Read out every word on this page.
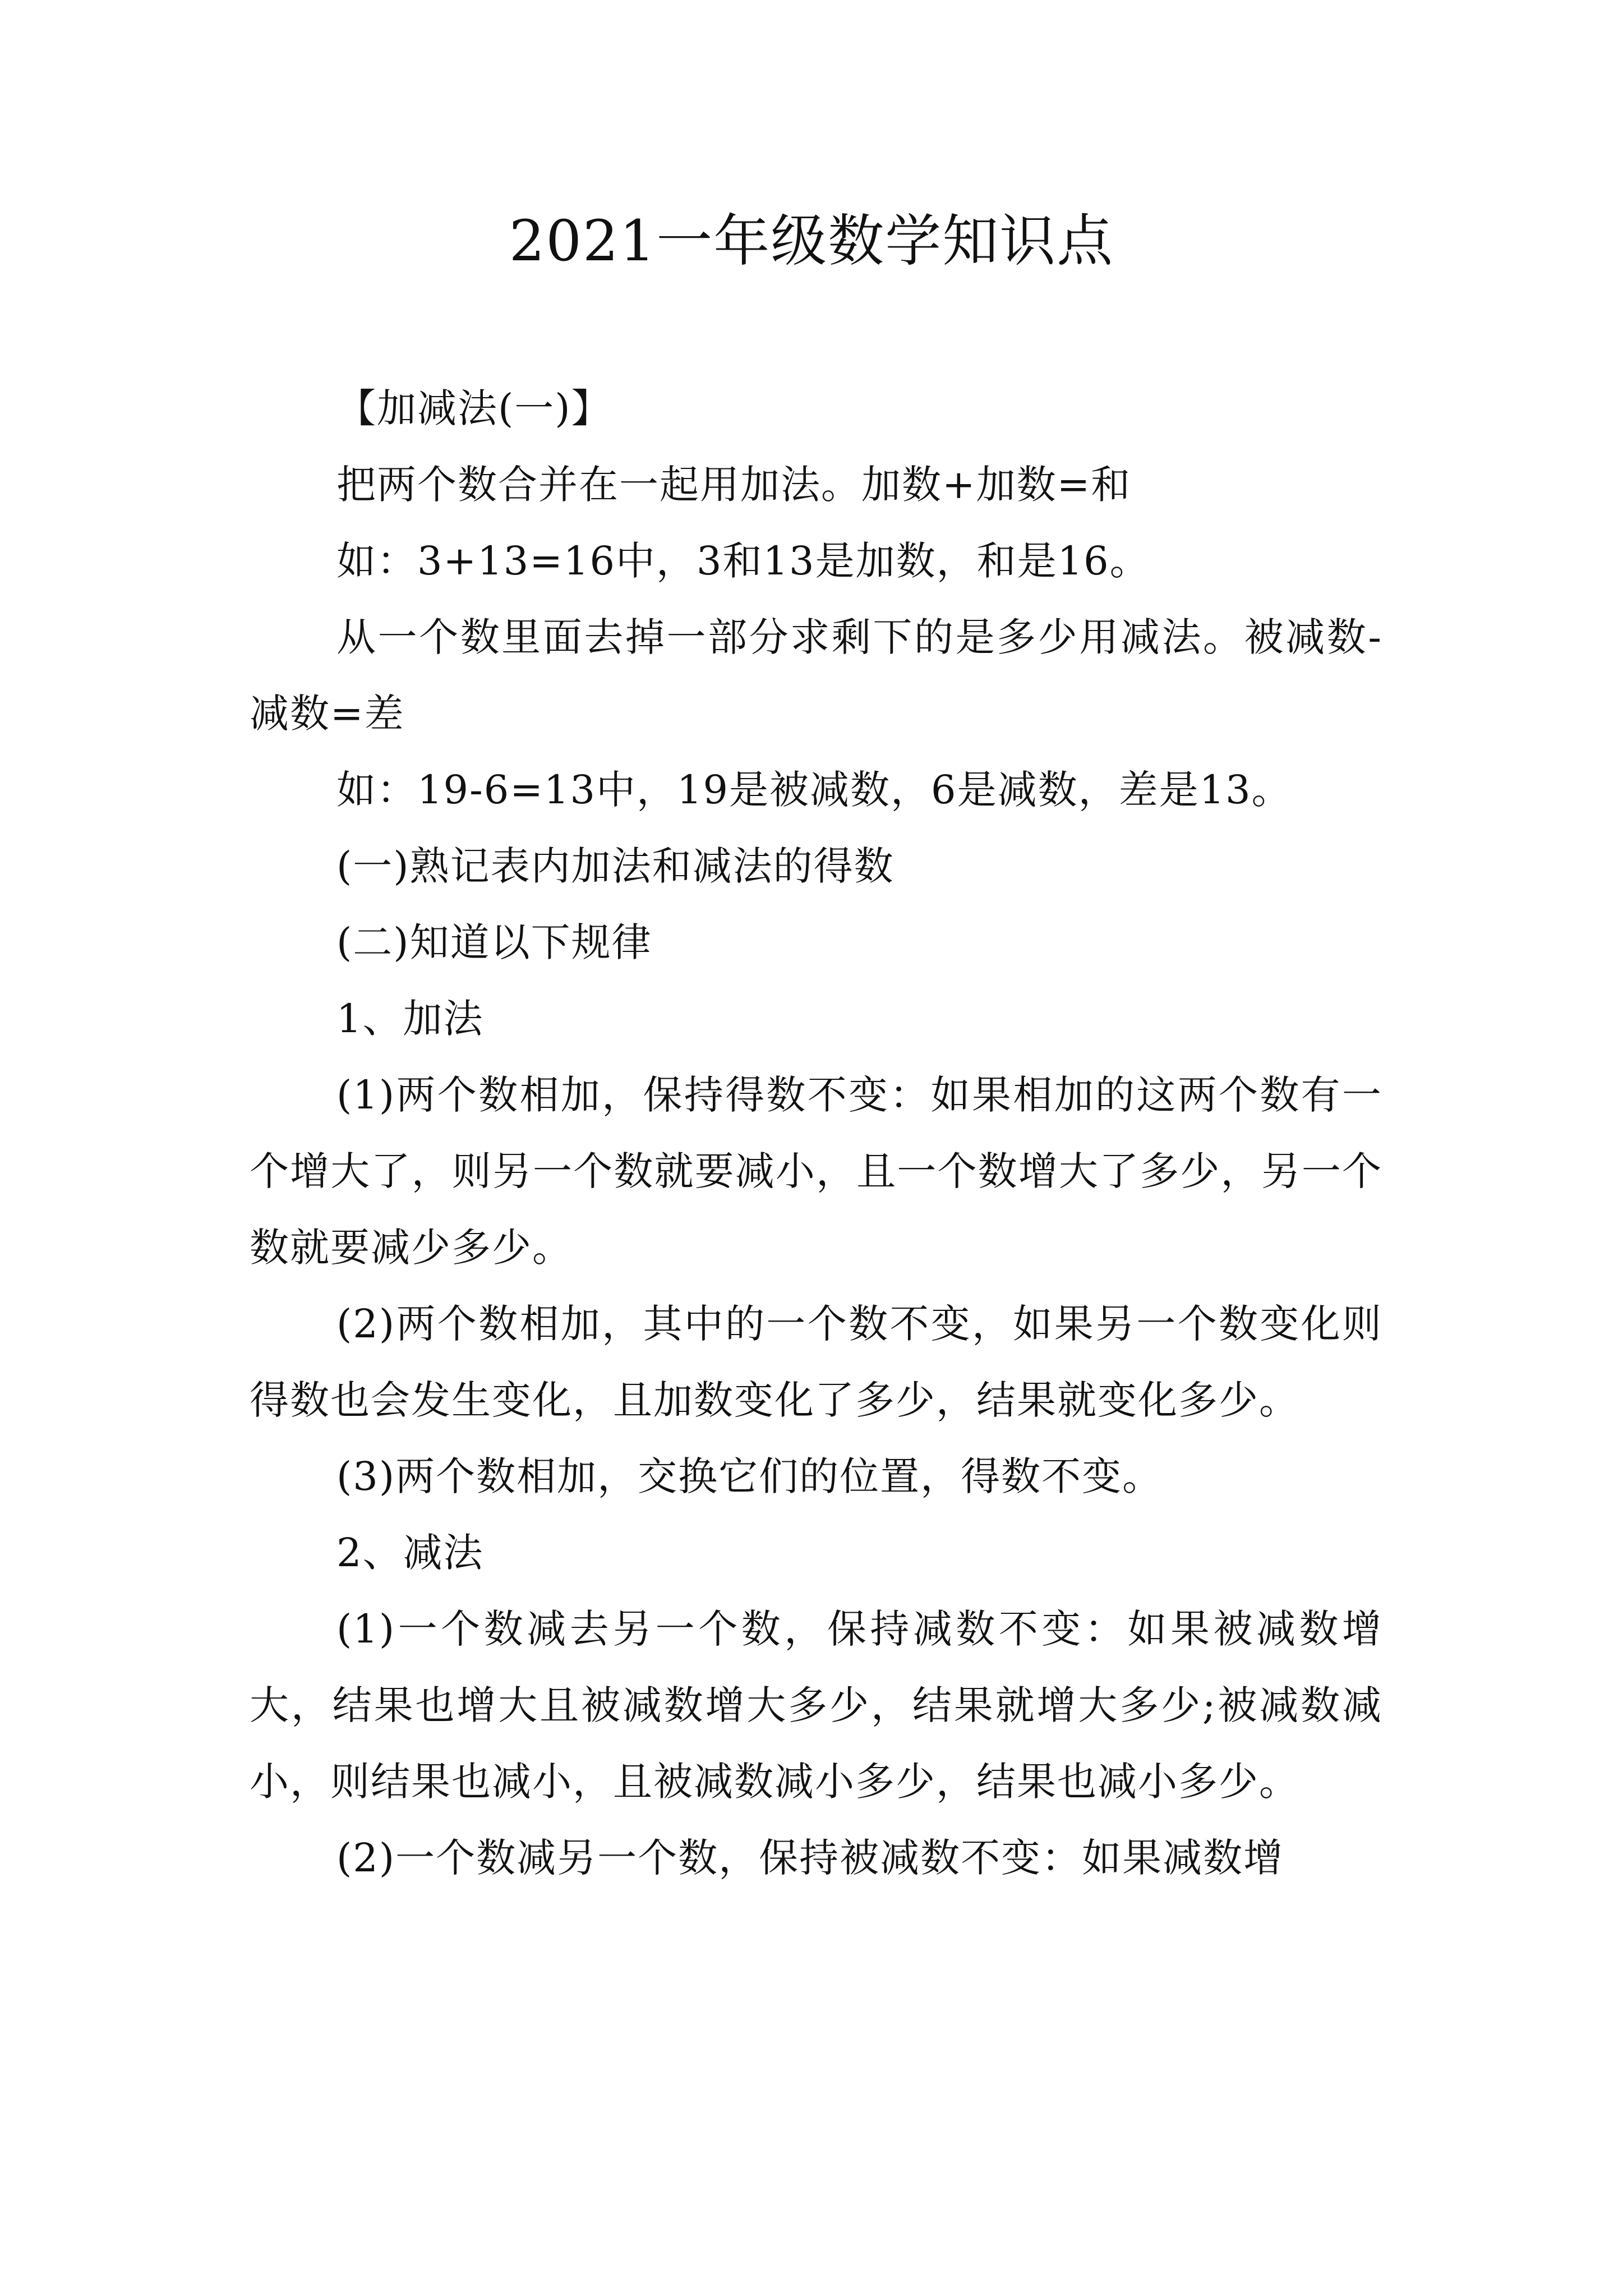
2021一年级数学知识点

【加减法(一)】

把两个数合并在一起用加法。加数+加数=和

如：3+13=16中，3和13是加数，和是16。

从一个数里面去掉一部分求剩下的是多少用减法。被减数-减数=差

如：19-6=13中，19是被减数，6是减数，差是13。

(一)熟记表内加法和减法的得数

(二)知道以下规律

1、加法

(1)两个数相加，保持得数不变：如果相加的这两个数有一个增大了，则另一个数就要减小，且一个数增大了多少，另一个数就要减少多少。

(2)两个数相加，其中的一个数不变，如果另一个数变化则得数也会发生变化，且加数变化了多少，结果就变化多少。

(3)两个数相加，交换它们的位置，得数不变。

2、减法

(1)一个数减去另一个数，保持减数不变：如果被减数增大，结果也增大且被减数增大多少，结果就增大多少;被减数减小，则结果也减小，且被减数减小多少，结果也减小多少。

(2)一个数减另一个数，保持被减数不变：如果减数增
